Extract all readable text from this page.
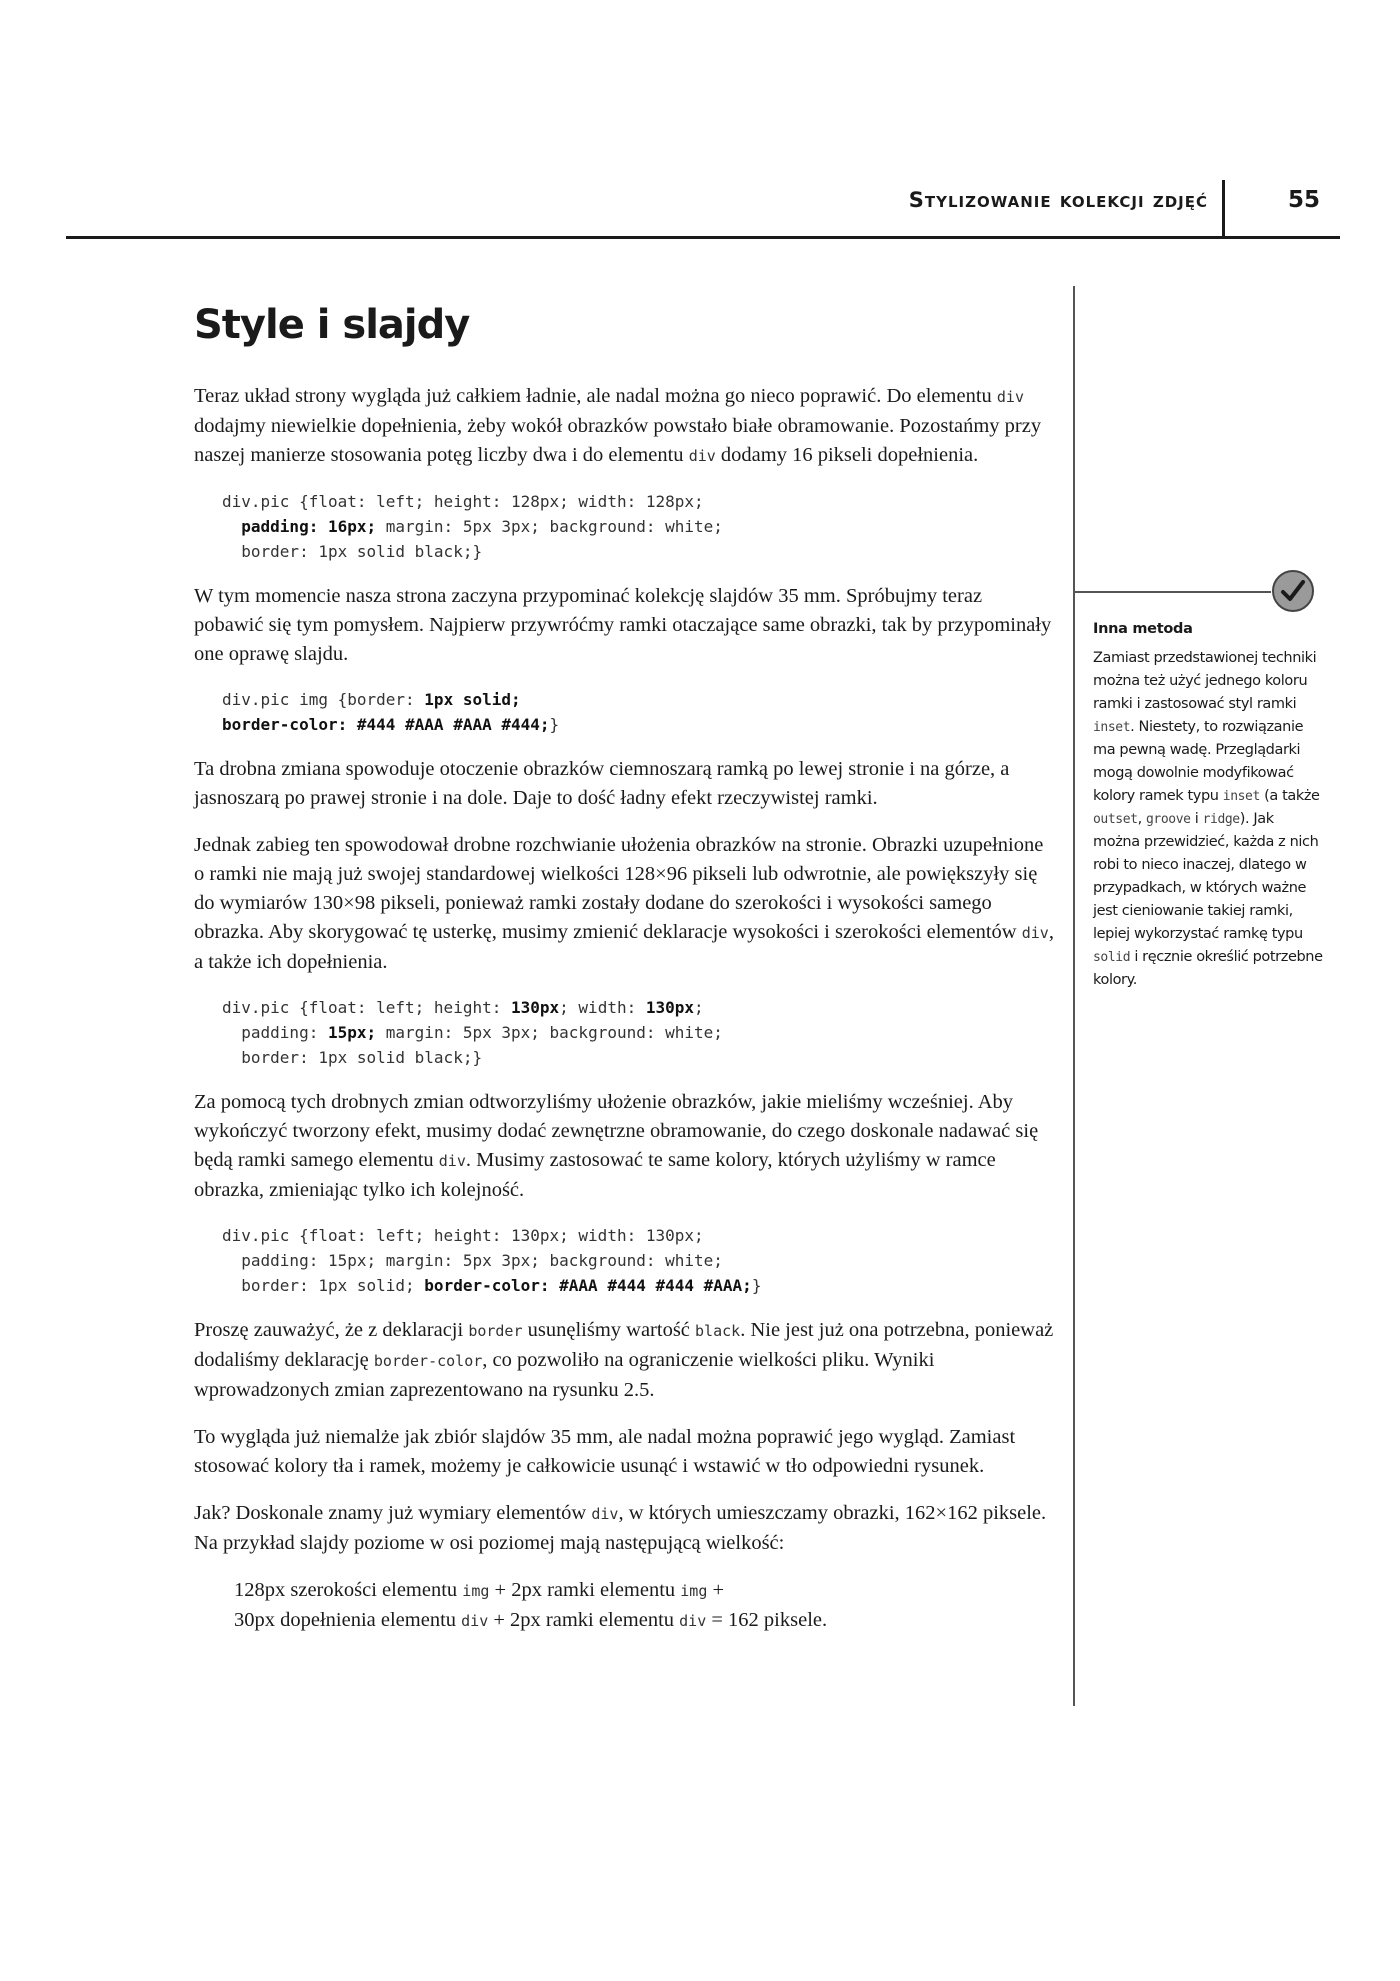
Stylizowanie kolekcji zdjęć	55
Style i slajdy

Teraz układ strony wygląda już całkiem ładnie, ale nadal można go nieco poprawić. Do elementu div dodajmy niewielkie dopełnienia, żeby wokół obrazków powstało białe obramowanie. Pozostańmy przy naszej manierze stosowania potęg liczby dwa i do elementu div dodamy 16 pikseli dopełnienia.

div.pic {float: left; height: 128px; width: 128px;
padding: 16px; margin: 5px 3px; background: white;
border: 1px solid black;}

W tym momencie nasza strona zaczyna przypominać kolekcję slajdów 35 mm. Spróbujmy teraz pobawić się tym pomysłem. Najpierw przywróćmy ramki otaczające same obrazki, tak by przypominały one oprawę slajdu.

div.pic img {border: 1px solid;
border-color: #444 #AAA #AAA #444;}

Ta drobna zmiana spowoduje otoczenie obrazków ciemnoszarą ramką po lewej stronie i na górze, a jasnoszarą po prawej stronie i na dole. Daje to dość ładny efekt rzeczywistej ramki.

Jednak zabieg ten spowodował drobne rozchwianie ułożenia obrazków na stronie. Obrazki uzupełnione o ramki nie mają już swojej standardowej wielkości 128×96 pikseli lub odwrotnie, ale powiększyły się do wymiarów 130×98 pikseli, ponieważ ramki zostały dodane do szerokości i wysokości samego obrazka. Aby skorygować tę usterkę, musimy zmienić deklaracje wysokości i szerokości elementów div, a także ich dopełnienia.

div.pic {float: left; height: 130px; width: 130px;
padding: 15px; margin: 5px 3px; background: white;
border: 1px solid black;}

Za pomocą tych drobnych zmian odtworzyliśmy ułożenie obrazków, jakie mieliśmy wcześniej. Aby wykończyć tworzony efekt, musimy dodać zewnętrzne obramowanie, do czego doskonale nadawać się będą ramki samego elementu div. Musimy zastosować te same kolory, których użyliśmy w ramce obrazka, zmieniając tylko ich kolejność.

div.pic {float: left; height: 130px; width: 130px;
padding: 15px; margin: 5px 3px; background: white;
border: 1px solid; border-color: #AAA #444 #444 #AAA;}

Proszę zauważyć, że z deklaracji border usunęliśmy wartość black. Nie jest już ona potrzebna, ponieważ dodaliśmy deklarację border-color, co pozwoliło na ograniczenie wielkości pliku. Wyniki wprowadzonych zmian zaprezentowano na rysunku 2.5.

To wygląda już niemalże jak zbiór slajdów 35 mm, ale nadal można poprawić jego wygląd. Zamiast stosować kolory tła i ramek, możemy je całkowicie usunąć i wstawić w tło odpowiedni rysunek.

Jak? Doskonale znamy już wymiary elementów div, w których umieszczamy obrazki, 162×162 piksele. Na przykład slajdy poziome w osi poziomej mają następującą wielkość:

128px szerokości elementu img + 2px ramki elementu img +
30px dopełnienia elementu div + 2px ramki elementu div = 162 piksele.
Inna metoda
Zamiast przedstawionej techniki można też użyć jednego koloru ramki i zastosować styl ramki inset. Niestety, to rozwiązanie ma pewną wadę. Przeglądarki mogą dowolnie modyfikować kolory ramek typu inset (a także outset, groove i ridge). Jak można przewidzieć, każda z nich robi to nieco inaczej, dlatego w przypadkach, w których ważne jest cieniowanie takiej ramki, lepiej wykorzystać ramkę typu solid i ręcznie określić potrzebne kolory.
